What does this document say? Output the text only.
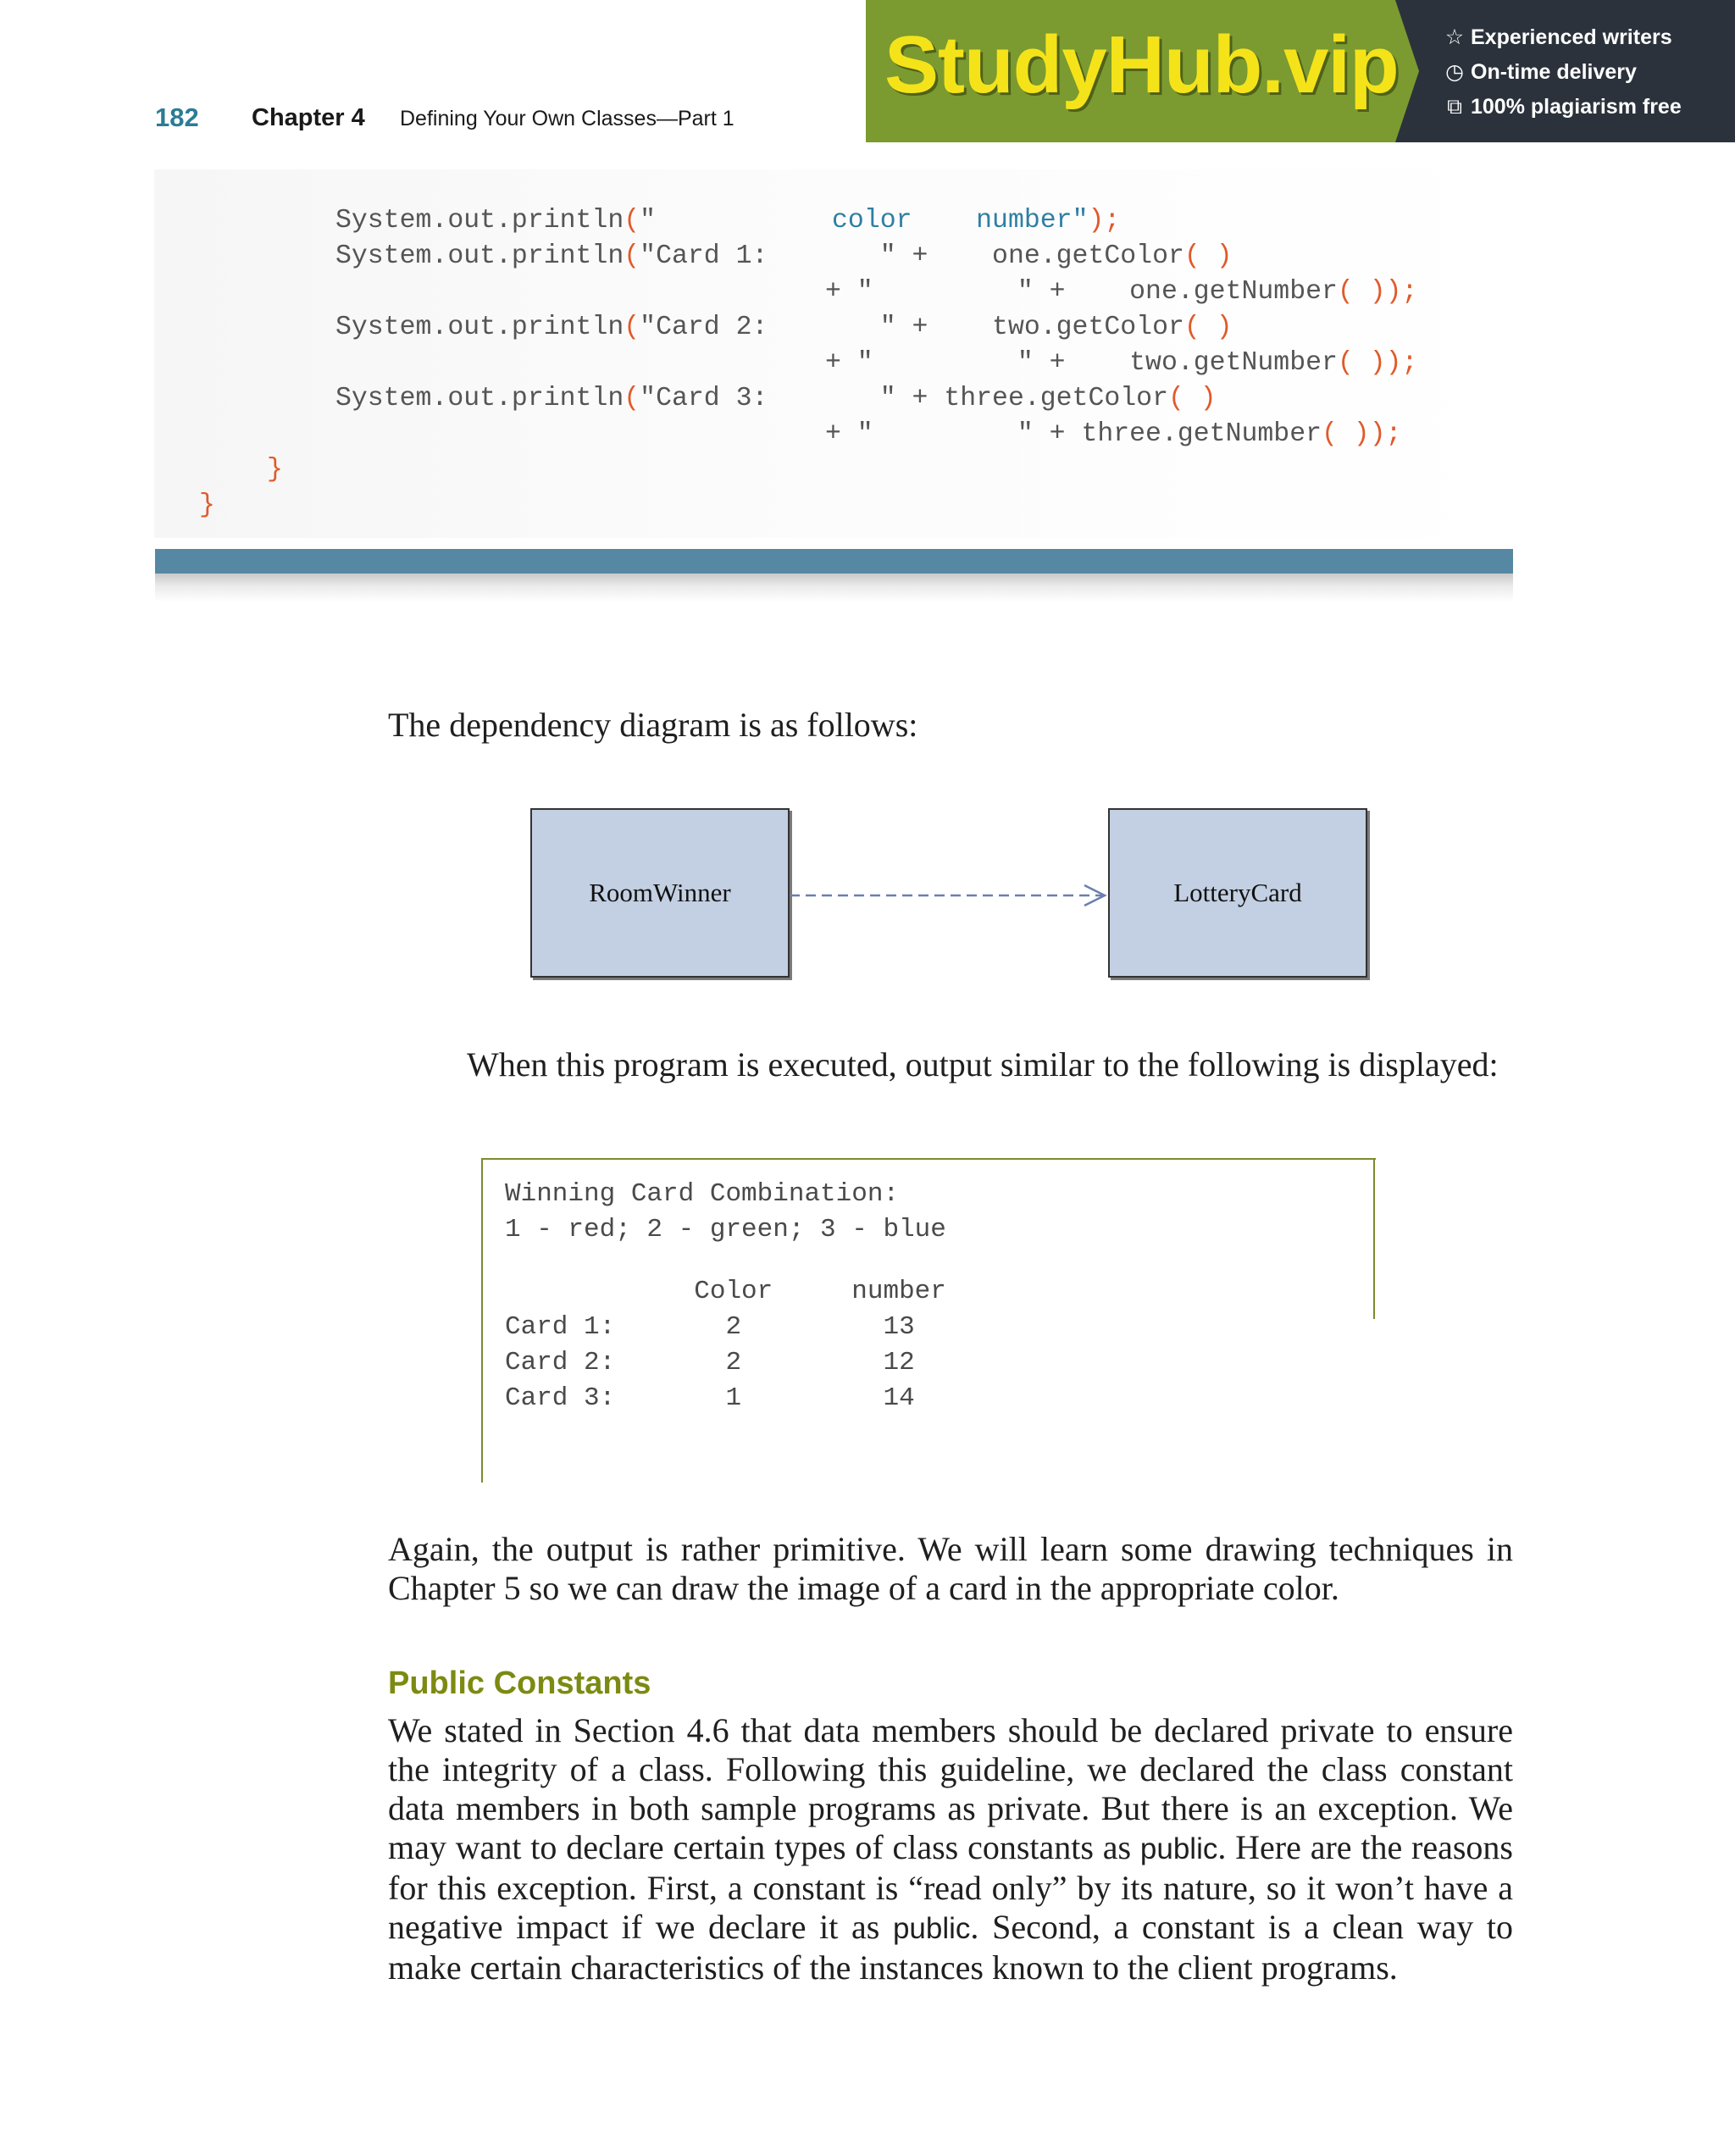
182 Chapter 4 Defining Your Own Classes—Part 1
StudyHub.vip ☆ Experienced writers
◷ On-time delivery
⧉ 100% plagiarism free
System.out.println("           color number");
System.out.println("Card 1:       " +    one.getColor( )
+ "         " +    one.getNumber( ));
System.out.println("Card 2:       " +    two.getColor( )
+ "         " +    two.getNumber( ));
System.out.println("Card 3:       " + three.getColor( )
+ "         " + three.getNumber( ));
}
}
The dependency diagram is as follows:
RoomWinner	LotteryCard
When this program is executed, output similar to the following is displayed:
Winning Card Combination:
1 - red; 2 - green; 3 - blue
Color     number
Card 1:       2         13
Card 2:       2         12
Card 3:       1         14

Again, the output is rather primitive. We will learn some drawing techniques in

Chapter 5 so we can draw the image of a card in the appropriate color.

Public Constants

We stated in Section 4.6 that data members should be declared private to ensure the integrity of a class. Following this guideline, we declared the class constant data members in both sample programs as private. But there is an exception. We may want to declare certain types of class constants as public. Here are the reasons for this exception. First, a constant is “read only” by its nature, so it won’t have a negative impact if we declare it as public. Second, a constant is a clean way to make certain characteristics of the instances known to the client programs.
